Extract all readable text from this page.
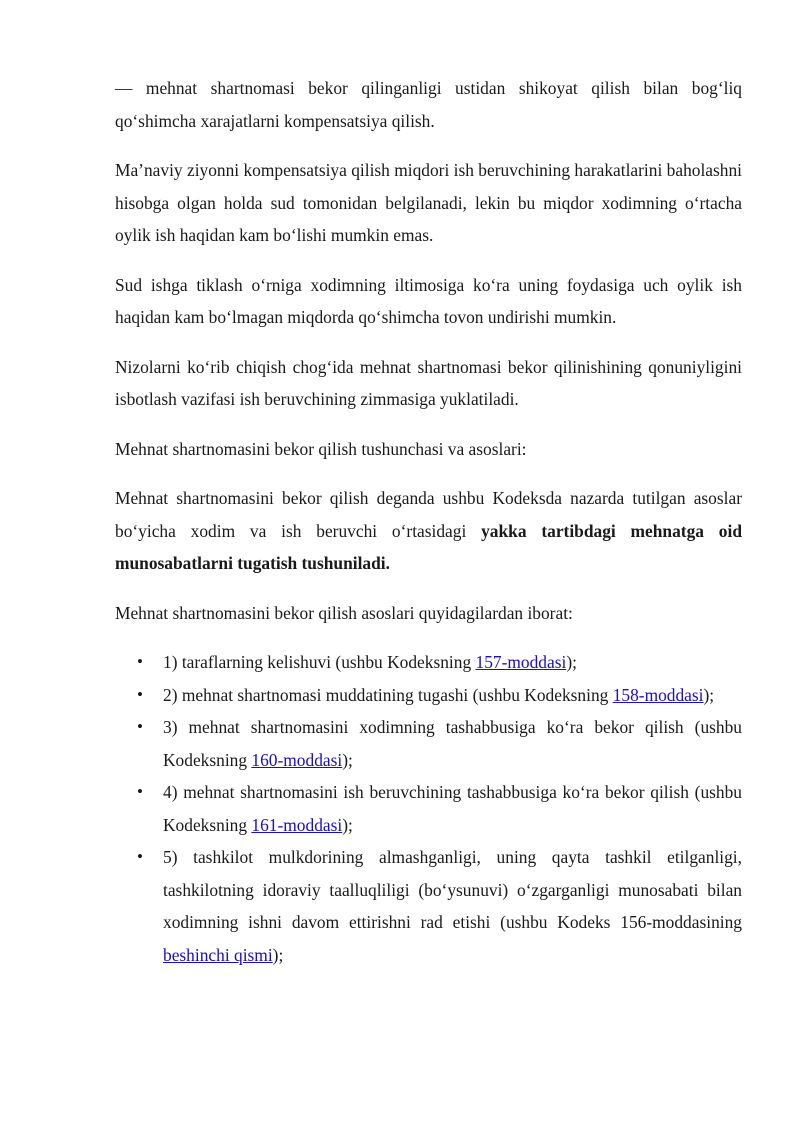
— mehnat shartnomasi bekor qilinganligi ustidan shikoyat qilish bilan bog‘liq qo‘shimcha xarajatlarni kompensatsiya qilish.

Ma’naviy ziyonni kompensatsiya qilish miqdori ish beruvchining harakatlarini baholashni hisobga olgan holda sud tomonidan belgilanadi, lekin bu miqdor xodimning o‘rtacha oylik ish haqidan kam bo‘lishi mumkin emas.

Sud ishga tiklash o‘rniga xodimning iltimosiga ko‘ra uning foydasiga uch oylik ish haqidan kam bo‘lmagan miqdorda qo‘shimcha tovon undirishi mumkin.

Nizolarni ko‘rib chiqish chog‘ida mehnat shartnomasi bekor qilinishining qonuniyligini isbotlash vazifasi ish beruvchining zimmasiga yuklatiladi.

Mehnat shartnomasini bekor qilish tushunchasi va asoslari:

Mehnat shartnomasini bekor qilish deganda ushbu Kodeksda nazarda tutilgan asoslar bo‘yicha xodim va ish beruvchi o‘rtasidagi yakka tartibdagi mehnatga oid munosabatlarni tugatish tushuniladi.

Mehnat shartnomasini bekor qilish asoslari quyidagilardan iborat:

• 1) taraflarning kelishuvi (ushbu Kodeksning 157-moddasi);
• 2) mehnat shartnomasi muddatining tugashi (ushbu Kodeksning 158-moddasi);
• 3) mehnat shartnomasini xodimning tashabbusiga ko‘ra bekor qilish (ushbu Kodeksning 160-moddasi);
• 4) mehnat shartnomasini ish beruvchining tashabbusiga ko‘ra bekor qilish (ushbu Kodeksning 161-moddasi);
• 5) tashkilot mulkdorining almashganligi, uning qayta tashkil etilganligi, tashkilotning idoraviy taalluqliligi (bo‘ysunuvi) o‘zgarganligi munosabati bilan xodimning ishni davom ettirishni rad etishi (ushbu Kodeks 156-moddasining beshinchi qismi);
